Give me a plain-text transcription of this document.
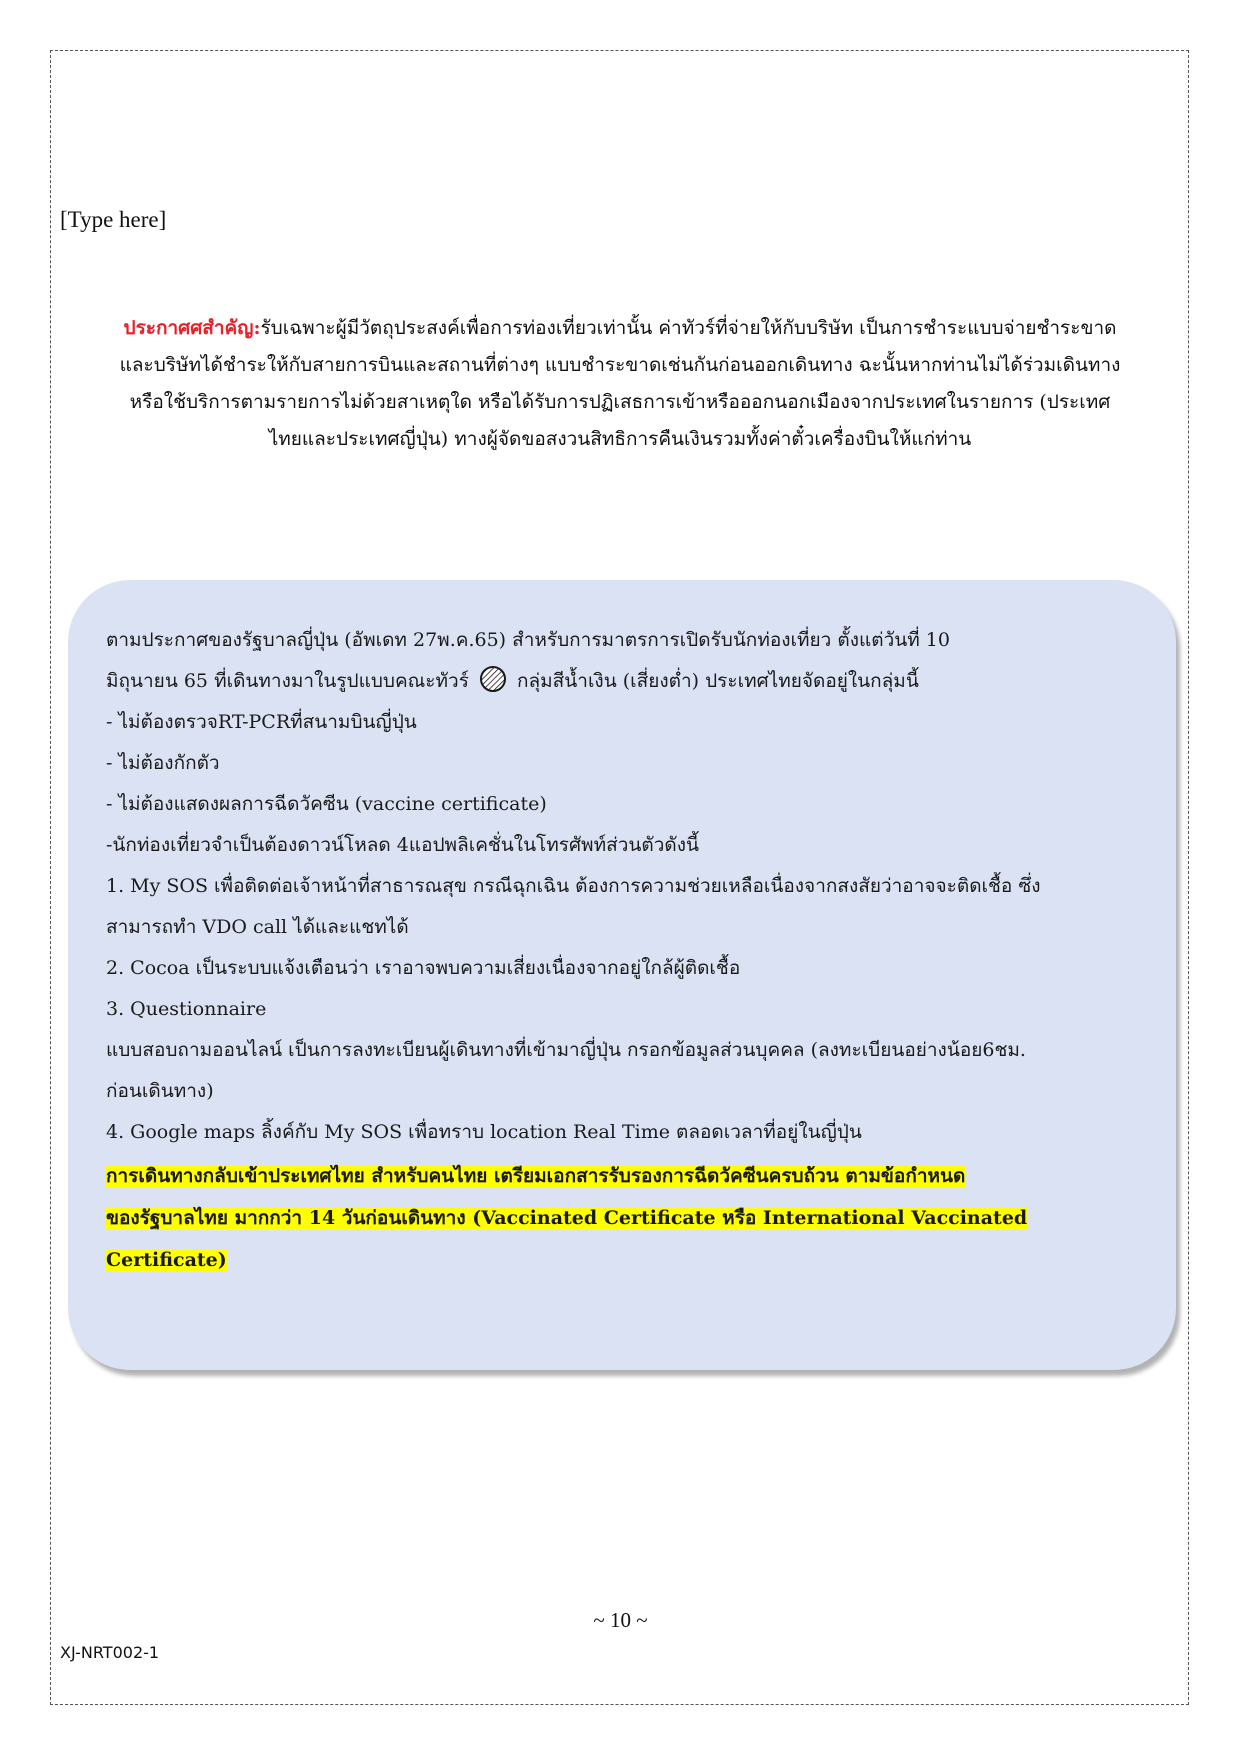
[Type here]
ประกาศศสำคัญ:รับเฉพาะผู้มีวัตถุประสงค์เพื่อการท่องเที่ยวเท่านั้น ค่าทัวร์ที่จ่ายให้กับบริษัท เป็นการชำระแบบจ่ายชำระขาด
และบริษัทได้ชำระให้กับสายการบินและสถานที่ต่างๆ แบบชำระขาดเช่นกันก่อนออกเดินทาง ฉะนั้นหากท่านไม่ได้ร่วมเดินทาง
หรือใช้บริการตามรายการไม่ด้วยสาเหตุใด หรือได้รับการปฏิเสธการเข้าหรือออกนอกเมืองจากประเทศในรายการ (ประเทศ
ไทยและประเทศญี่ปุ่น) ทางผู้จัดขอสงวนสิทธิการคืนเงินรวมทั้งค่าตั๋วเครื่องบินให้แก่ท่าน

ตามประกาศของรัฐบาลญี่ปุ่น (อัพเดท 27พ.ค.65) สำหรับการมาตรการเปิดรับนักท่องเที่ยว ตั้งแต่วันที่ 10

มิถุนายน 65 ที่เดินทางมาในรูปแบบคณะทัวร์	กลุ่มสีน้ำเงิน (เสี่ยงต่ำ) ประเทศไทยจัดอยู่ในกลุ่มนี้

- ไม่ต้องตรวจRT-PCRที่สนามบินญี่ปุ่น

- ไม่ต้องกักตัว

- ไม่ต้องแสดงผลการฉีดวัคซีน (vaccine certificate)

-นักท่องเที่ยวจำเป็นต้องดาวน์โหลด 4แอปพลิเคชั่นในโทรศัพท์ส่วนตัวดังนี้

1. My SOS เพื่อติดต่อเจ้าหน้าที่สาธารณสุข กรณีฉุกเฉิน ต้องการความช่วยเหลือเนื่องจากสงสัยว่าอาจจะติดเชื้อ ซึ่ง

สามารถทำ VDO call ได้และแชทได้

2. Cocoa เป็นระบบแจ้งเตือนว่า เราอาจพบความเสี่ยงเนื่องจากอยู่ใกล้ผู้ติดเชื้อ

3. Questionnaire

แบบสอบถามออนไลน์ เป็นการลงทะเบียนผู้เดินทางที่เข้ามาญี่ปุ่น กรอกข้อมูลส่วนบุคคล (ลงทะเบียนอย่างน้อย6ชม.

ก่อนเดินทาง)

4. Google maps ลิ้งค์กับ My SOS เพื่อทราบ location Real Time ตลอดเวลาที่อยู่ในญี่ปุ่น

การเดินทางกลับเข้าประเทศไทย สำหรับคนไทย เตรียมเอกสารรับรองการฉีดวัคซีนครบถ้วน ตามข้อกำหนด
ของรัฐบาลไทย มากกว่า 14 วันก่อนเดินทาง (Vaccinated Certificate หรือ International Vaccinated
Certificate)
~ 10 ~
XJ-NRT002-1
